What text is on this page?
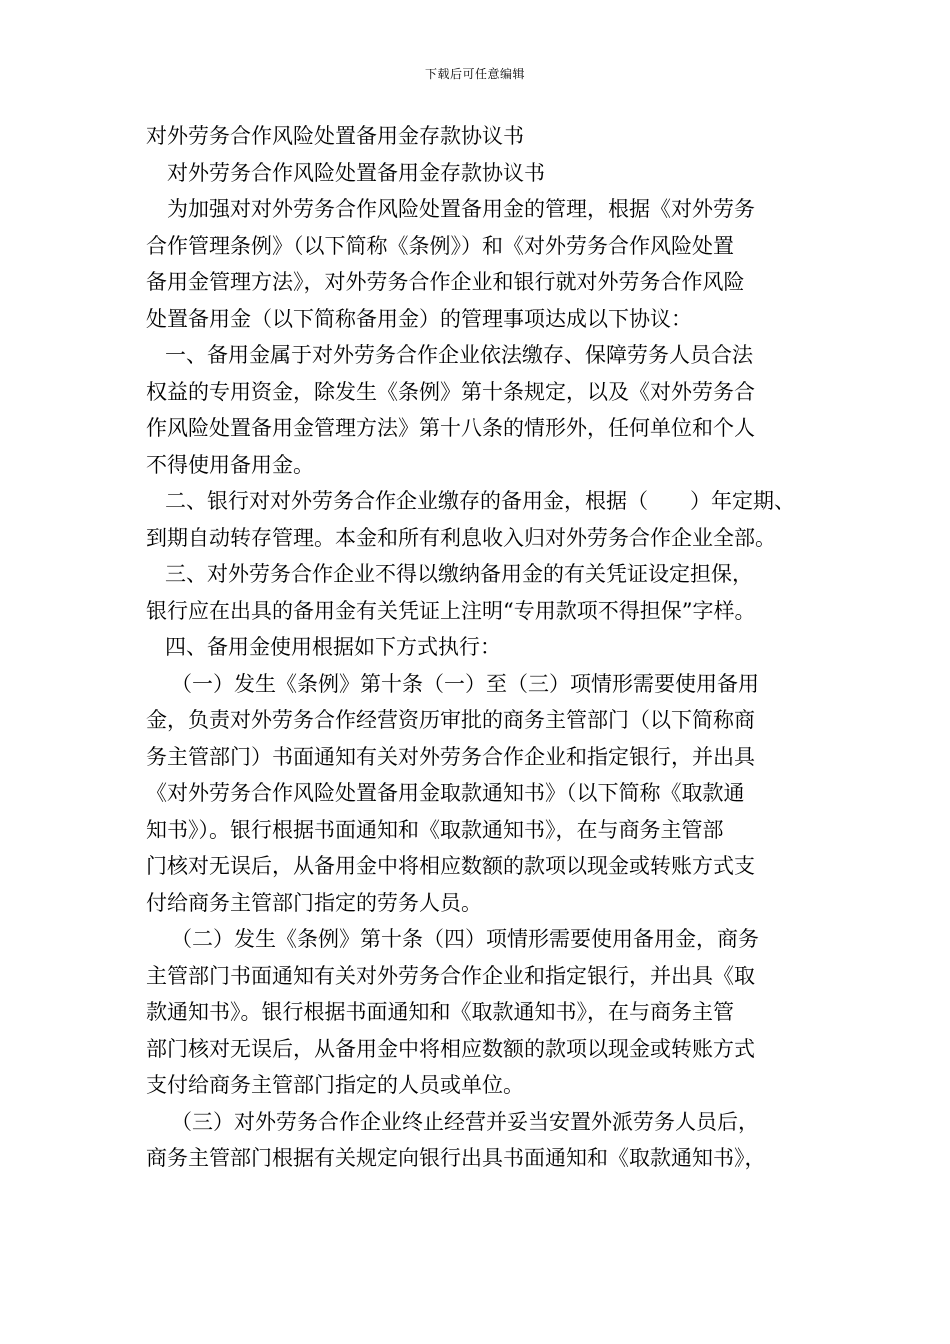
下载后可任意编辑
对外劳务合作风险处置备用金存款协议书
对外劳务合作风险处置备用金存款协议书
为加强对对外劳务合作风险处置备用金的管理，根据《对外劳务
合作管理条例》（以下简称《条例》）和《对外劳务合作风险处置
备用金管理方法》，对外劳务合作企业和银行就对外劳务合作风险
处置备用金（以下简称备用金）的管理事项达成以下协议：
一、备用金属于对外劳务合作企业依法缴存、保障劳务人员合法
权益的专用资金，除发生《条例》第十条规定，以及《对外劳务合
作风险处置备用金管理方法》第十八条的情形外，任何单位和个人
不得使用备用金。
二、银行对对外劳务合作企业缴存的备用金，根据（　　）年定期、
到期自动转存管理。本金和所有利息收入归对外劳务合作企业全部。
三、对外劳务合作企业不得以缴纳备用金的有关凭证设定担保，
银行应在出具的备用金有关凭证上注明“专用款项不得担保”字样。
四、备用金使用根据如下方式执行：
（一）发生《条例》第十条（一）至（三）项情形需要使用备用
金，负责对外劳务合作经营资历审批的商务主管部门（以下简称商
务主管部门）书面通知有关对外劳务合作企业和指定银行，并出具
《对外劳务合作风险处置备用金取款通知书》（以下简称《取款通
知书》）。银行根据书面通知和《取款通知书》，在与商务主管部
门核对无误后，从备用金中将相应数额的款项以现金或转账方式支
付给商务主管部门指定的劳务人员。
（二）发生《条例》第十条（四）项情形需要使用备用金，商务
主管部门书面通知有关对外劳务合作企业和指定银行，并出具《取
款通知书》。银行根据书面通知和《取款通知书》，在与商务主管
部门核对无误后，从备用金中将相应数额的款项以现金或转账方式
支付给商务主管部门指定的人员或单位。
（三）对外劳务合作企业终止经营并妥当安置外派劳务人员后，
商务主管部门根据有关规定向银行出具书面通知和《取款通知书》，
